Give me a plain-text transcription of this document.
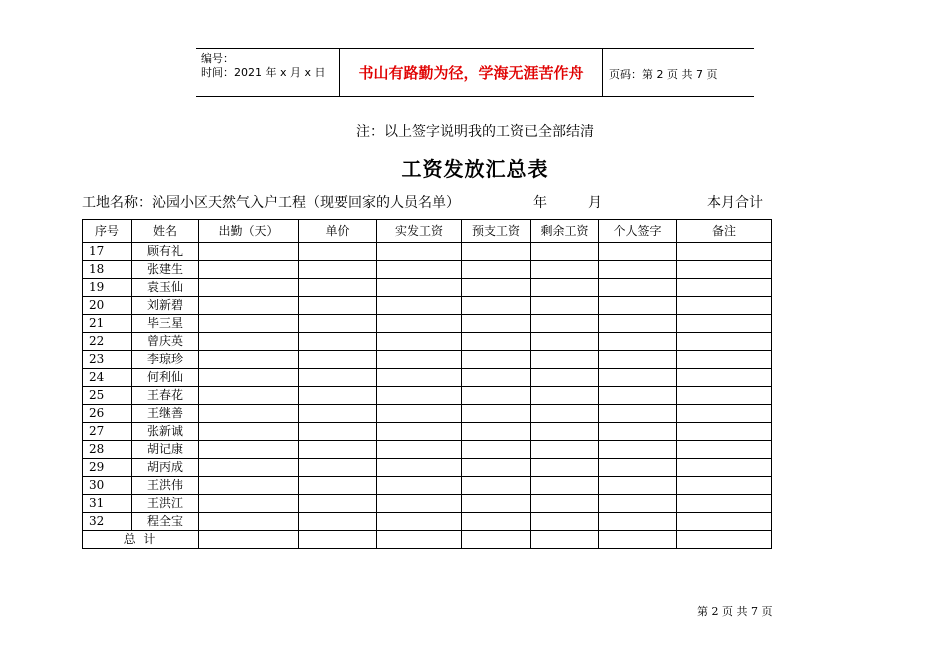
编号：
时间：2021 年 x 月 x 日	书山有路勤为径，学海无涯苦作舟	页码：第 2 页 共 7 页
注：以上签字说明我的工资已全部结清
工资发放汇总表
工地名称：沁园小区天然气入户工程（现要回家的人员名单）	年	月	本月合计
序号	姓名	出勤（天）	单价	实发工资	预支工资	剩余工资	个人签字	备注
17	顾有礼							
18	张建生							
19	袁玉仙							
20	刘新碧							
21	毕三星							
22	曾庆英							
23	李琼珍							
24	何利仙							
25	王春花							
26	王继善							
27	张新诚							
28	胡记康							
29	胡丙成							
30	王洪伟							
31	王洪江							
32	程全宝							
总 计								
第 2 页 共 7 页
